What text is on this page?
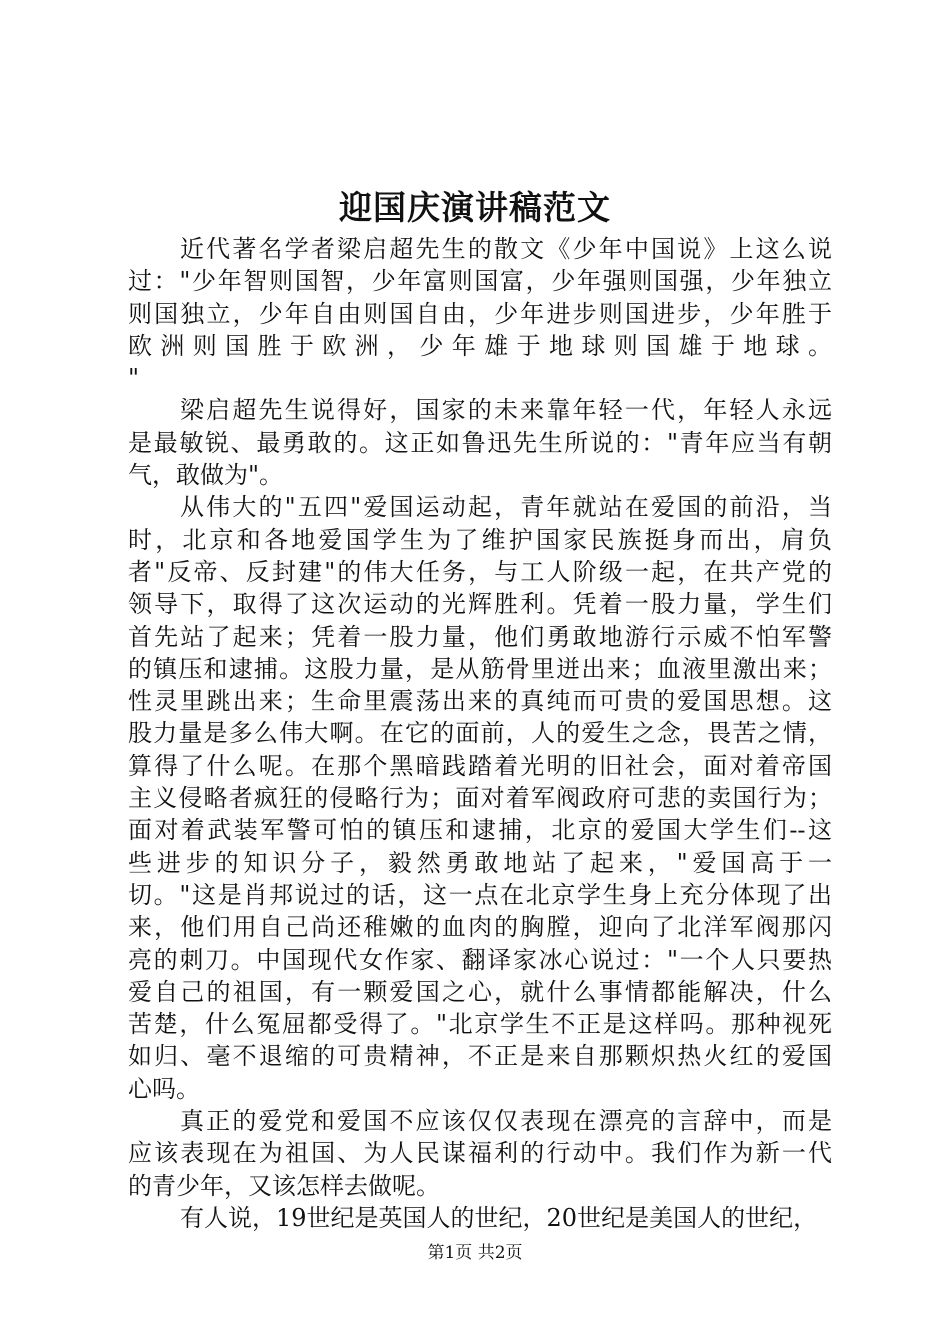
迎国庆演讲稿范文
近代著名学者梁启超先生的散文《少年中国说》上这么说
过："少年智则国智，少年富则国富，少年强则国强，少年独立
则国独立，少年自由则国自由，少年进步则国进步，少年胜于
欧洲则国胜于欧洲，少年雄于地球则国雄于地球。
"
梁启超先生说得好，国家的未来靠年轻一代，年轻人永远
是最敏锐、最勇敢的。这正如鲁迅先生所说的："青年应当有朝
气，敢做为"。
从伟大的"五四"爱国运动起，青年就站在爱国的前沿，当
时，北京和各地爱国学生为了维护国家民族挺身而出，肩负
者"反帝、反封建"的伟大任务，与工人阶级一起，在共产党的
领导下，取得了这次运动的光辉胜利。凭着一股力量，学生们
首先站了起来；凭着一股力量，他们勇敢地游行示威不怕军警
的镇压和逮捕。这股力量，是从筋骨里迸出来；血液里激出来；
性灵里跳出来；生命里震荡出来的真纯而可贵的爱国思想。这
股力量是多么伟大啊。在它的面前，人的爱生之念，畏苦之情，
算得了什么呢。在那个黑暗践踏着光明的旧社会，面对着帝国
主义侵略者疯狂的侵略行为；面对着军阀政府可悲的卖国行为；
面对着武装军警可怕的镇压和逮捕，北京的爱国大学生们--这
些进步的知识分子，毅然勇敢地站了起来，"爱国高于一
切。"这是肖邦说过的话，这一点在北京学生身上充分体现了出
来，他们用自己尚还稚嫩的血肉的胸膛，迎向了北洋军阀那闪
亮的刺刀。中国现代女作家、翻译家冰心说过："一个人只要热
爱自己的祖国，有一颗爱国之心，就什么事情都能解决，什么
苦楚，什么冤屈都受得了。"北京学生不正是这样吗。那种视死
如归、毫不退缩的可贵精神，不正是来自那颗炽热火红的爱国
心吗。
真正的爱党和爱国不应该仅仅表现在漂亮的言辞中，而是
应该表现在为祖国、为人民谋福利的行动中。我们作为新一代
的青少年，又该怎样去做呢。
有人说，19世纪是英国人的世纪，20世纪是美国人的世纪，
第1页 共2页
